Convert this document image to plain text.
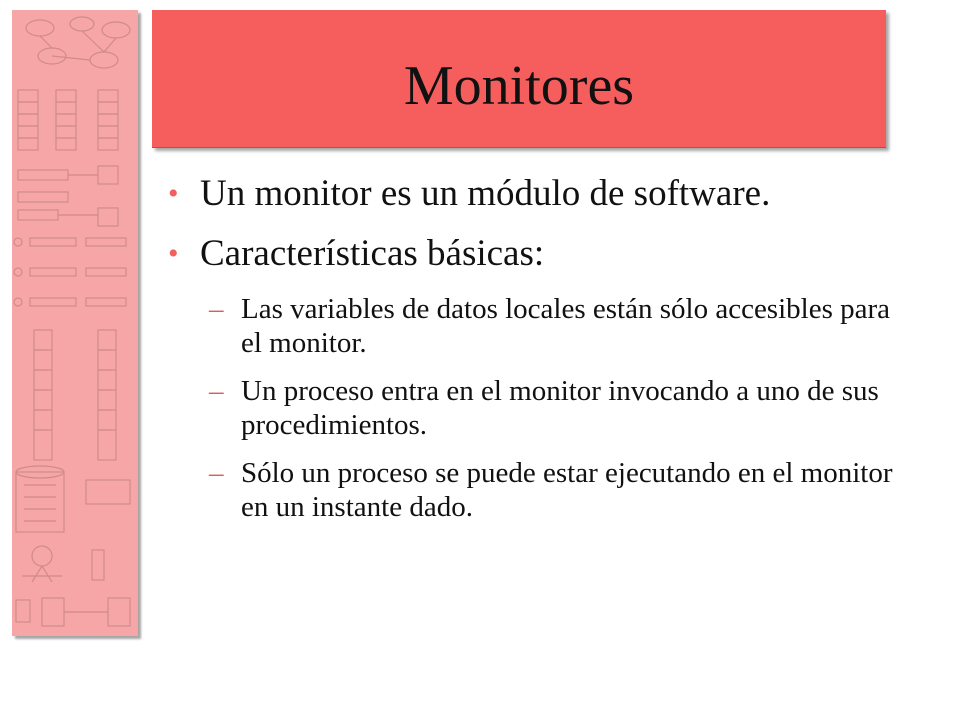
Monitores
• Un monitor es un módulo de software.
• Características básicas:
– Las variables de datos locales están sólo accesibles para el monitor.
– Un proceso entra en el monitor invocando a uno de sus procedimientos.
– Sólo un proceso se puede estar ejecutando en el monitor en un instante dado.
